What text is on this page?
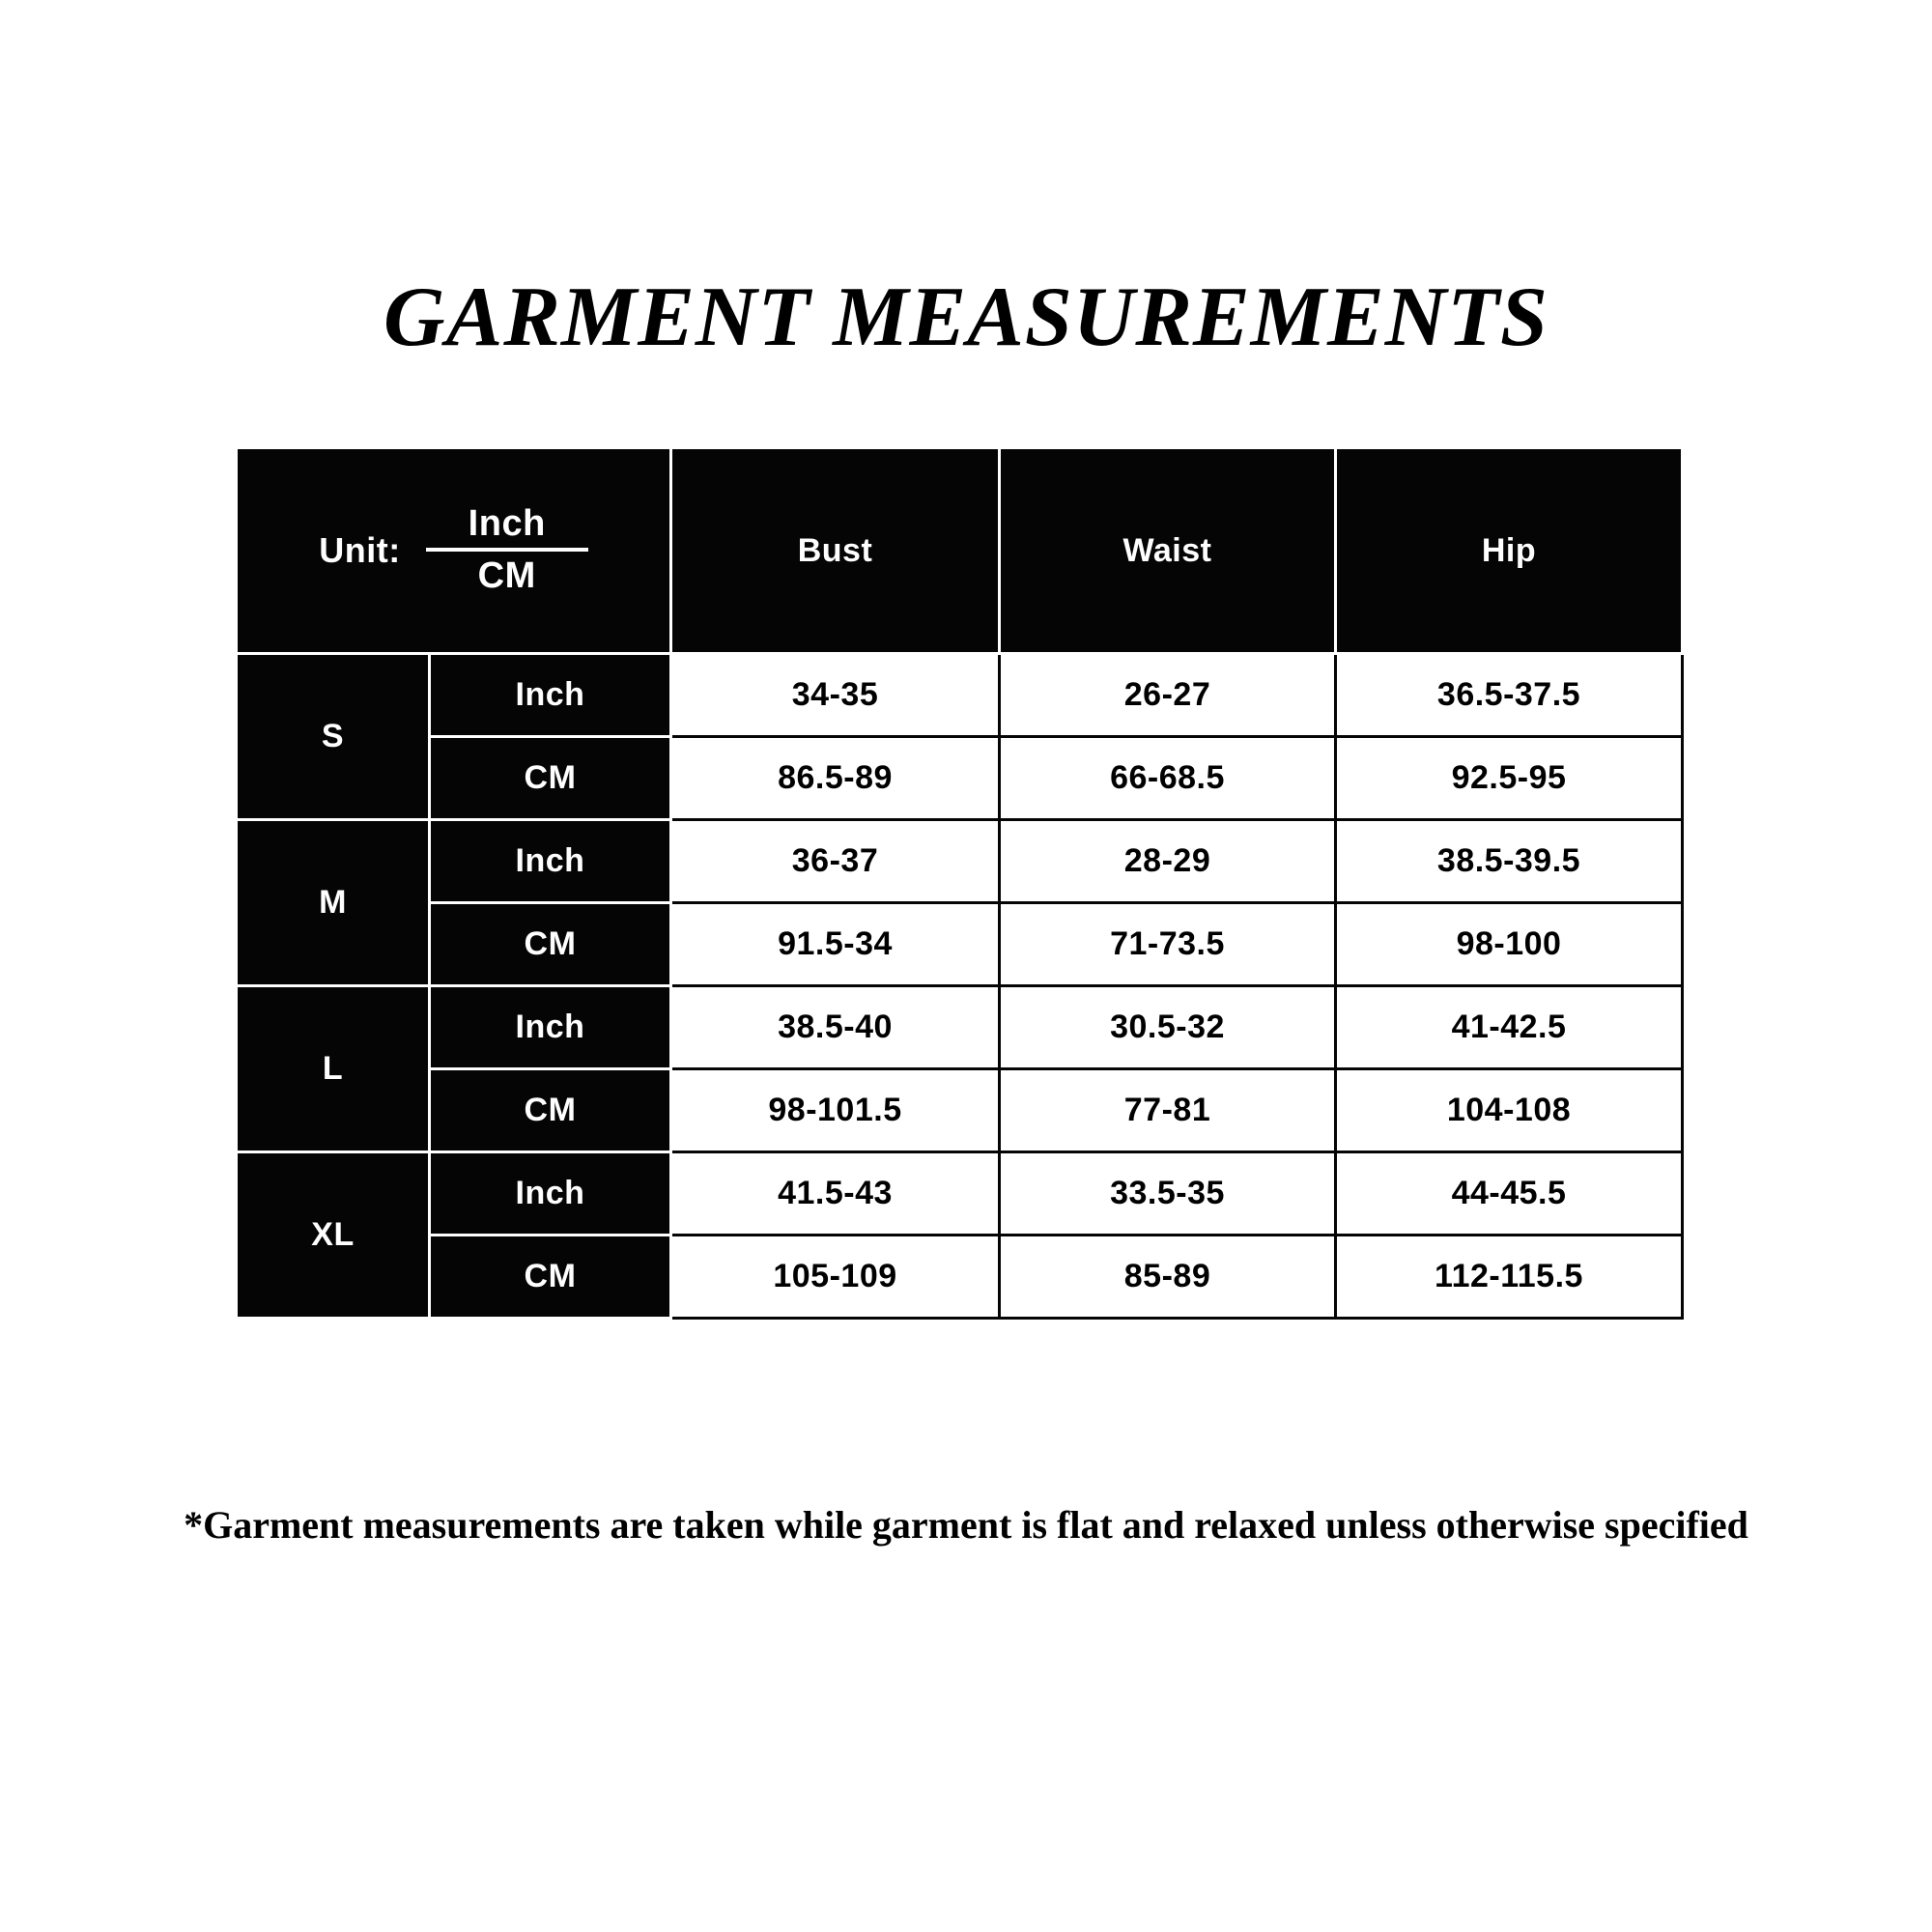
GARMENT MEASUREMENTS
Unit: $\frac{\text{Inch}}{CM}$		Bust	Waist	Hip
S	Inch	34-35	26-27	36.5-37.5
	CM	86.5-89	66-68.5	92.5-95
M	Inch	36-37	28-29	38.5-39.5
	CM	91.5-34	71-73.5	98-100
L	Inch	38.5-40	30.5-32	41-42.5
	CM	98-101.5	77-81	104-108
XL	Inch	41.5-43	33.5-35	44-45.5
	CM	105-109	85-89	112-115.5
*Garment measurements are taken while garment is flat and relaxed unless otherwise specified
